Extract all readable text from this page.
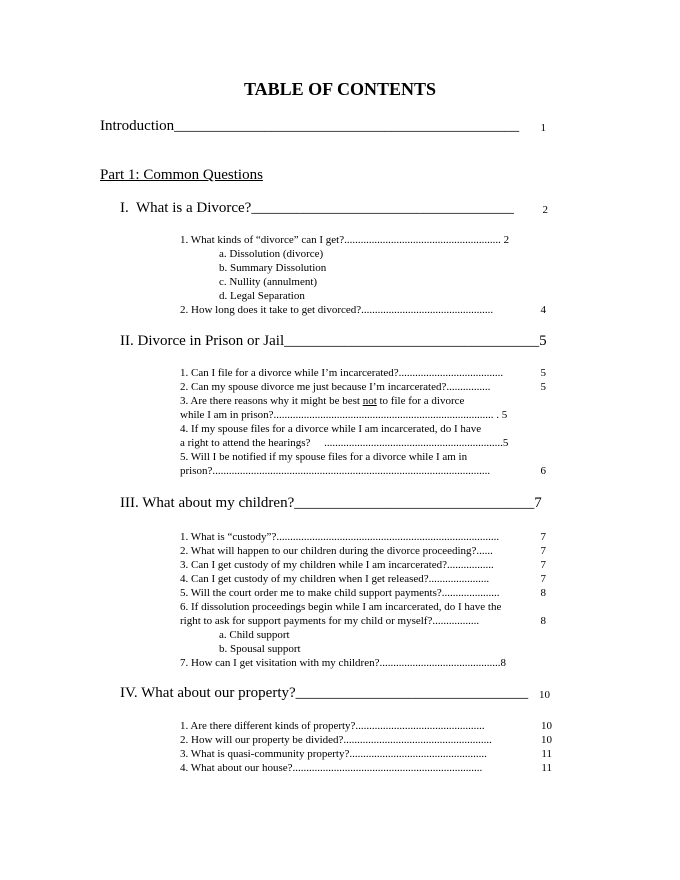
TABLE OF CONTENTS
Introduction______________________________________________	1
Part 1: Common Questions
I.  What is a Divorce?___________________________________	2
1. What kinds of “divorce” can I get?......................................................... 2
a. Dissolution (divorce)
b. Summary Dissolution
c. Nullity (annulment)
d. Legal Separation
2. How long does it take to get divorced?................................................	4
II. Divorce in Prison or Jail__________________________________5
1. Can I file for a divorce while I’m incarcerated?......................................	5
2. Can my spouse divorce me just because I’m incarcerated?................	5
3. Are there reasons why it might be best not to file for a divorce
while I am in prison?................................................................................ . 5
4. If my spouse files for a divorce while I am incarcerated, do I have
a right to attend the hearings?     .................................................................5
5. Will I be notified if my spouse files for a divorce while I am in
prison?.....................................................................................................	6
III. What about my children?________________________________7
1. What is “custody”?.................................................................................	7
2. What will happen to our children during the divorce proceeding?......	7
3. Can I get custody of my children while I am incarcerated?.................	7
4. Can I get custody of my children when I get released?......................	7
5. Will the court order me to make child support payments?.....................	8
6. If dissolution proceedings begin while I am incarcerated, do I have the
right to ask for support payments for my child or myself?.................	8
a. Child support
b. Spousal support
7. How can I get visitation with my children?............................................8
IV. What about our property?_______________________________ 10
1. Are there different kinds of property?...............................................	10
2. How will our property be divided?......................................................	10
3. What is quasi-community property?..................................................	11
4. What about our house?.....................................................................	11
